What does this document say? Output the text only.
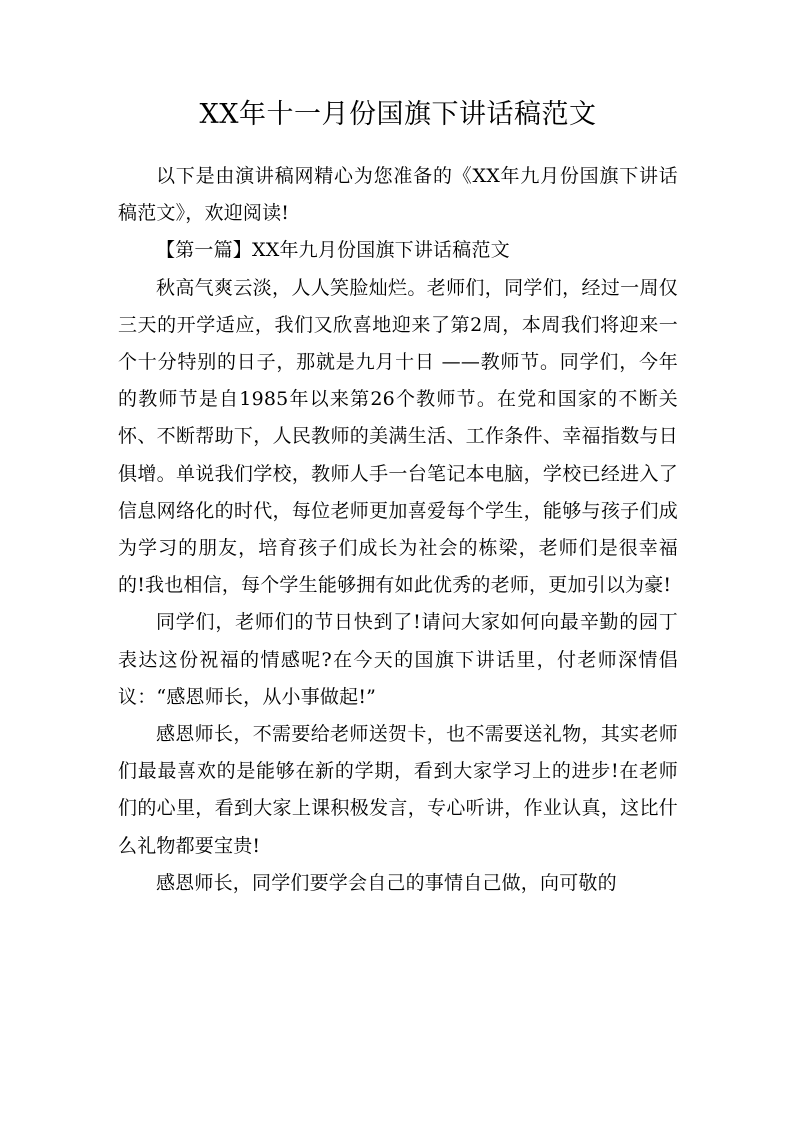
XX年十一月份国旗下讲话稿范文

以下是由演讲稿网精心为您准备的《XX年九月份国旗下讲话稿范文》，欢迎阅读!

【第一篇】XX年九月份国旗下讲话稿范文

秋高气爽云淡，人人笑脸灿烂。老师们，同学们，经过一周仅三天的开学适应，我们又欣喜地迎来了第2周，本周我们将迎来一个十分特别的日子，那就是九月十日 ——教师节。同学们，今年的教师节是自1985年以来第26个教师节。在党和国家的不断关怀、不断帮助下，人民教师的美满生活、工作条件、幸福指数与日俱增。单说我们学校，教师人手一台笔记本电脑，学校已经进入了信息网络化的时代，每位老师更加喜爱每个学生，能够与孩子们成为学习的朋友，培育孩子们成长为社会的栋梁，老师们是很幸福的!我也相信，每个学生能够拥有如此优秀的老师，更加引以为豪!

同学们，老师们的节日快到了!请问大家如何向最辛勤的园丁表达这份祝福的情感呢?在今天的国旗下讲话里，付老师深情倡议：“感恩师长，从小事做起!”

感恩师长，不需要给老师送贺卡，也不需要送礼物，其实老师们最最喜欢的是能够在新的学期，看到大家学习上的进步!在老师们的心里，看到大家上课积极发言，专心听讲，作业认真，这比什么礼物都要宝贵!

感恩师长，同学们要学会自己的事情自己做，向可敬的
